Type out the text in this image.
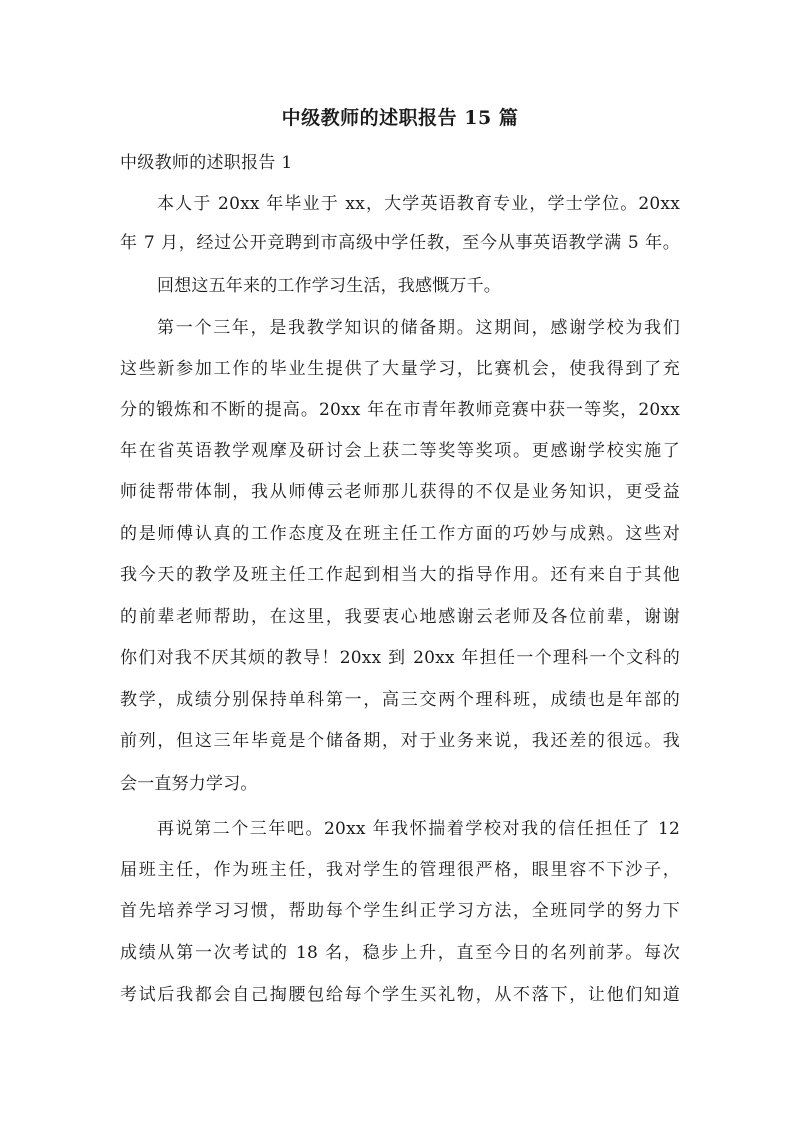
中级教师的述职报告 15 篇
中级教师的述职报告 1
本人于 20xx 年毕业于 xx，大学英语教育专业，学士学位。20xx
年 7 月，经过公开竞聘到市高级中学任教，至今从事英语教学满 5 年。
回想这五年来的工作学习生活，我感慨万千。
第一个三年，是我教学知识的储备期。这期间，感谢学校为我们
这些新参加工作的毕业生提供了大量学习，比赛机会，使我得到了充
分的锻炼和不断的提高。20xx 年在市青年教师竞赛中获一等奖，20xx
年在省英语教学观摩及研讨会上获二等奖等奖项。更感谢学校实施了
师徒帮带体制，我从师傅云老师那儿获得的不仅是业务知识，更受益
的是师傅认真的工作态度及在班主任工作方面的巧妙与成熟。这些对
我今天的教学及班主任工作起到相当大的指导作用。还有来自于其他
的前辈老师帮助，在这里，我要衷心地感谢云老师及各位前辈，谢谢
你们对我不厌其烦的教导！20xx 到 20xx 年担任一个理科一个文科的
教学，成绩分别保持单科第一，高三交两个理科班，成绩也是年部的
前列，但这三年毕竟是个储备期，对于业务来说，我还差的很远。我
会一直努力学习。
再说第二个三年吧。20xx 年我怀揣着学校对我的信任担任了 12
届班主任，作为班主任，我对学生的管理很严格，眼里容不下沙子，
首先培养学习习惯，帮助每个学生纠正学习方法，全班同学的努力下
成绩从第一次考试的 18 名，稳步上升，直至今日的名列前茅。每次
考试后我都会自己掏腰包给每个学生买礼物，从不落下，让他们知道
